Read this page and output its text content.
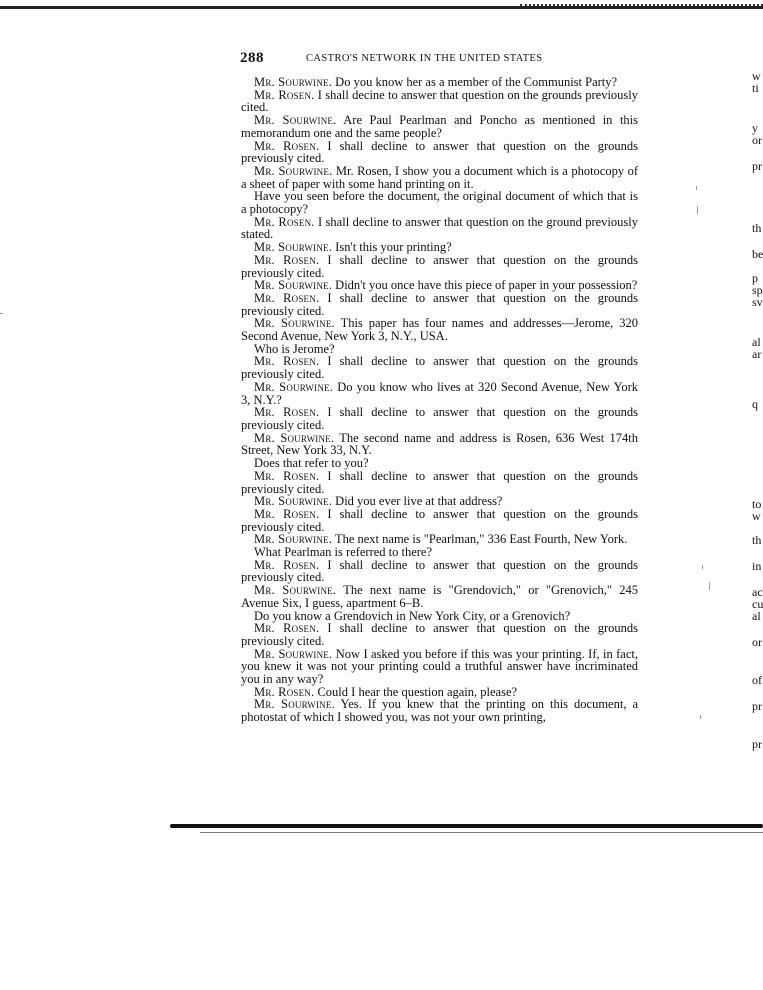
288	CASTRO'S NETWORK IN THE UNITED STATES

Mr. Sourwine. Do you know her as a member of the Communist Party?

Mr. Rosen. I shall decine to answer that question on the grounds previously cited.

Mr. Sourwine. Are Paul Pearlman and Poncho as mentioned in this memorandum one and the same people?

Mr. Rosen. I shall decline to answer that question on the grounds previously cited.

Mr. Sourwine. Mr. Rosen, I show you a document which is a photocopy of a sheet of paper with some hand printing on it.

Have you seen before the document, the original document of which that is a photocopy?

Mr. Rosen. I shall decline to answer that question on the ground previously stated.

Mr. Sourwine. Isn't this your printing?

Mr. Rosen. I shall decline to answer that question on the grounds previously cited.

Mr. Sourwine. Didn't you once have this piece of paper in your possession?

Mr. Rosen. I shall decline to answer that question on the grounds previously cited.

Mr. Sourwine. This paper has four names and addresses—Jerome, 320 Second Avenue, New York 3, N.Y., USA.

Who is Jerome?

Mr. Rosen. I shall decline to answer that question on the grounds previously cited.

Mr. Sourwine. Do you know who lives at 320 Second Avenue, New York 3, N.Y.?

Mr. Rosen. I shall decline to answer that question on the grounds previously cited.

Mr. Sourwine. The second name and address is Rosen, 636 West 174th Street, New York 33, N.Y.

Does that refer to you?

Mr. Rosen. I shall decline to answer that question on the grounds previously cited.

Mr. Sourwine. Did you ever live at that address?

Mr. Rosen. I shall decline to answer that question on the grounds previously cited.

Mr. Sourwine. The next name is "Pearlman," 336 East Fourth, New York.

What Pearlman is referred to there?

Mr. Rosen. I shall decline to answer that question on the grounds previously cited.

Mr. Sourwine. The next name is "Grendovich," or "Grenovich," 245 Avenue Six, I guess, apartment 6–B.

Do you know a Grendovich in New York City, or a Grenovich?

Mr. Rosen. I shall decline to answer that question on the grounds previously cited.

Mr. Sourwine. Now I asked you before if this was your printing. If, in fact, you knew it was not your printing could a truthful answer have incriminated you in any way?

Mr. Rosen. Could I hear the question again, please?

Mr. Sourwine. Yes. If you knew that the printing on this document, a photostat of which I showed you, was not your own printing,

w
ti
y
or
pr
th
be
p
sp
sv
al
ar
q
to
w
th
in
ac
cu
al
or
of
pr
pr
